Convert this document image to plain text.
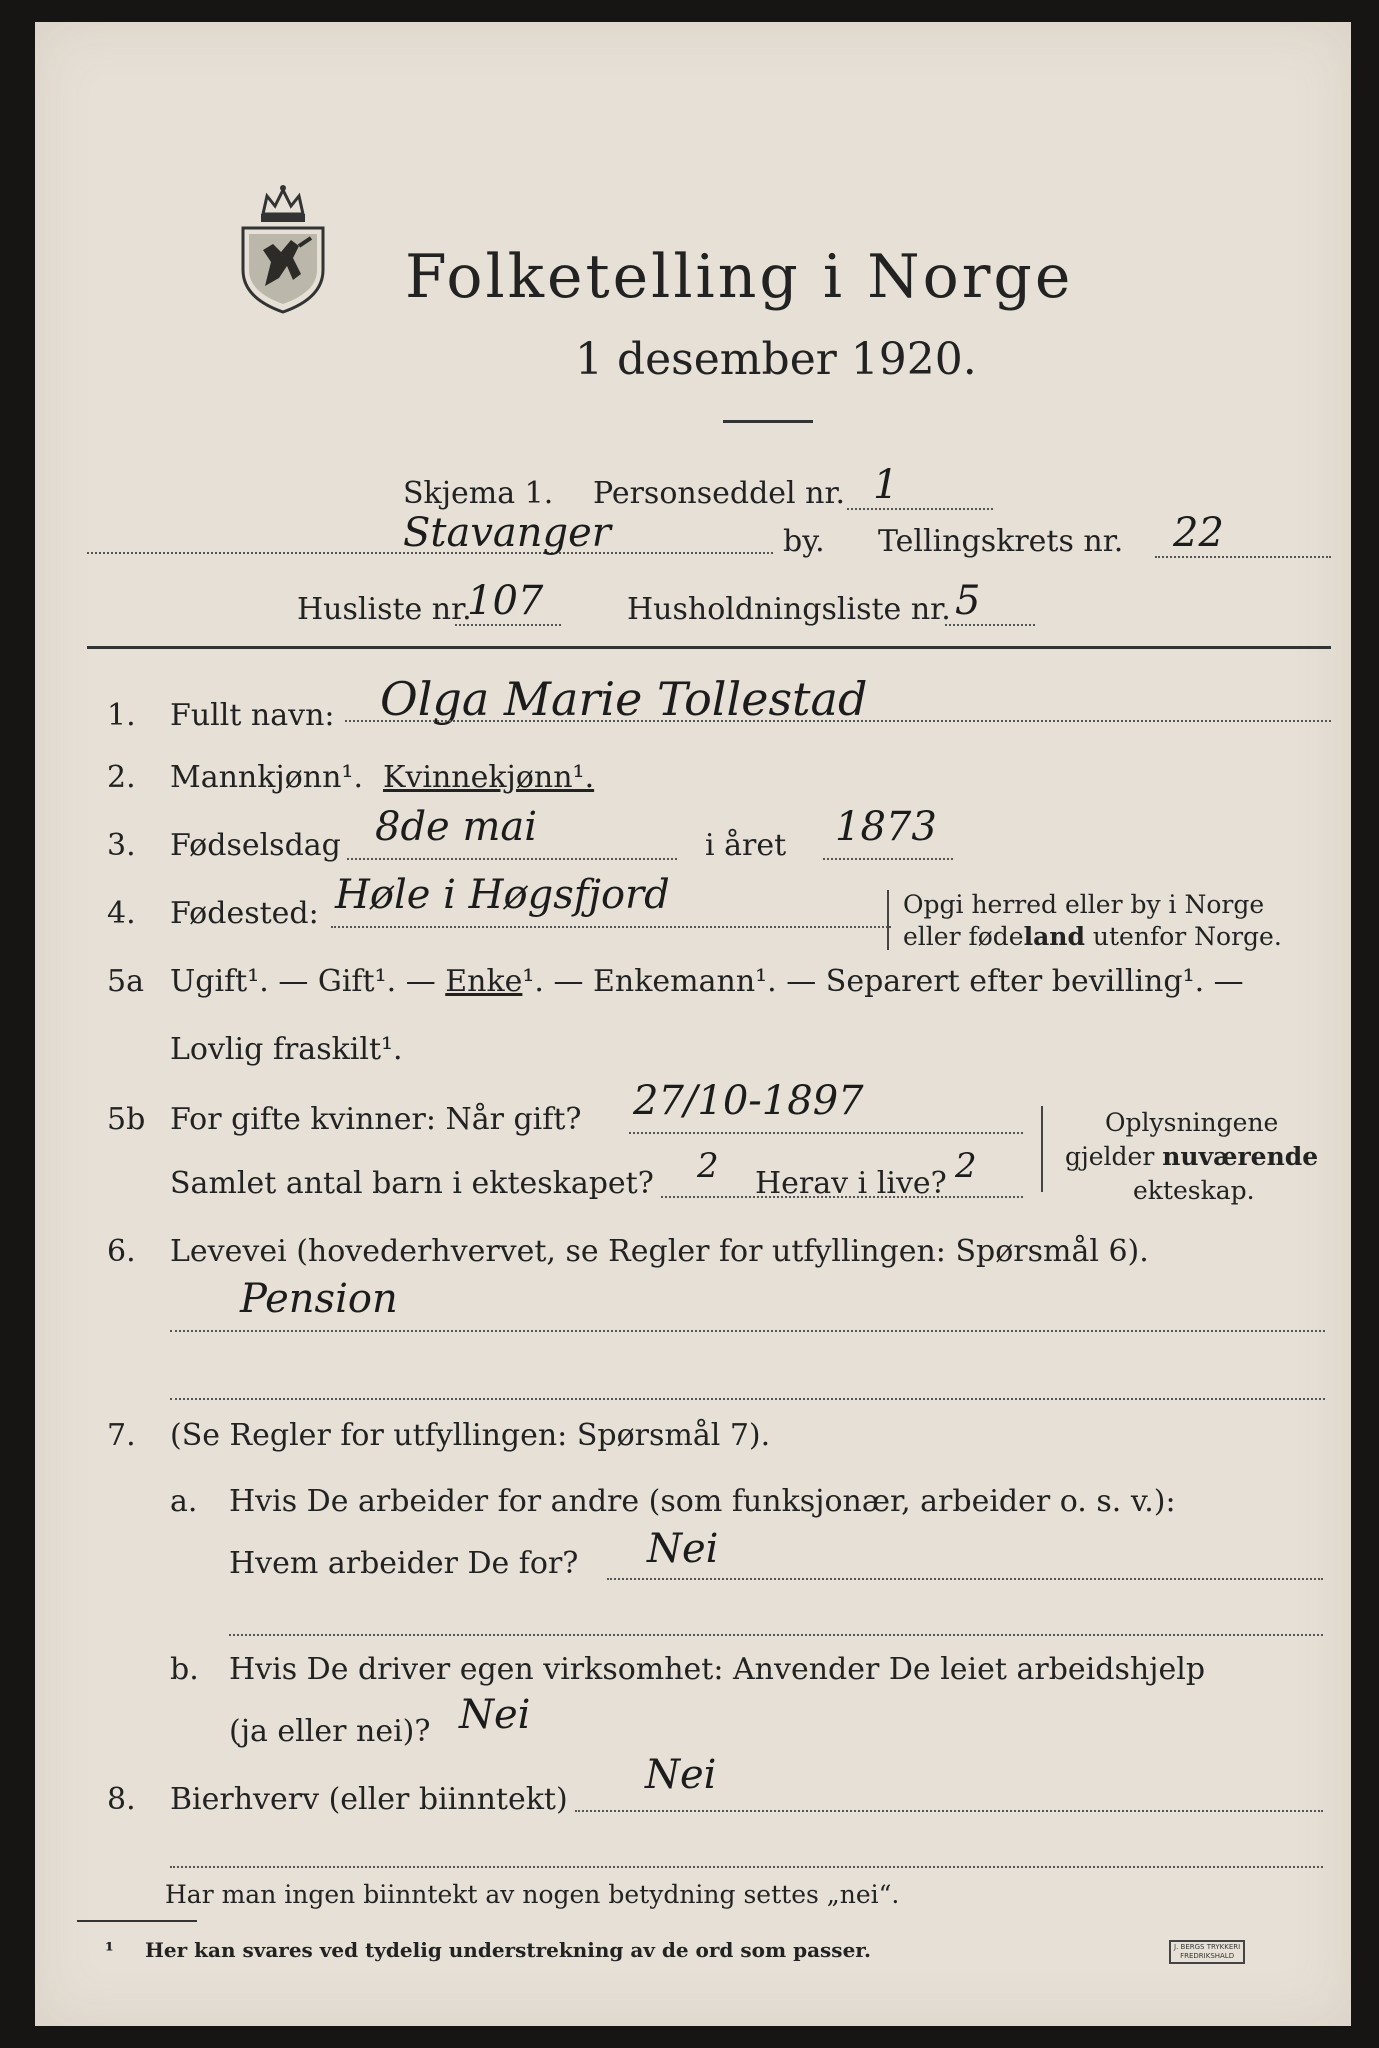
Folketelling i Norge
1 desember 1920.
Skjema 1. Personseddel nr. 1
Stavanger	by. Tellingskrets nr. 22
Husliste nr.
107	Husholdningsliste nr. 5
1. Fullt navn: Olga Marie Tollestad
2. Mannkjønn¹. Kvinnekjønn¹.
3. Fødselsdag 8de mai	i året 1873
4. Fødested: Høle i Høgsfjord	Opgi herred eller by i Norge
eller fødeland utenfor Norge.
5a Ugift¹. — Gift¹. — Enke¹. — Enkemann¹. — Separert efter bevilling¹. —
Lovlig fraskilt¹.
5b For gifte kvinner: Når gift? 27/10-1897
Samlet antal barn i ekteskapet? 2 Herav i live? 2
Oplysningene
gjelder nuværende
ekteskap.
6. Levevei (hovederhvervet, se Regler for utfyllingen: Spørsmål 6).
Pension
7. (Se Regler for utfyllingen: Spørsmål 7).
a. Hvis De arbeider for andre (som funksjonær, arbeider o. s. v.):
Hvem arbeider De for? Nei
b. Hvis De driver egen virksomhet: Anvender De leiet arbeidshjelp
(ja eller nei)? Nei
8. Bierhverv (eller biinntekt)
Nei
Har man ingen biinntekt av nogen betydning settes „nei“.
¹ Her kan svares ved tydelig understrekning av de ord som passer.	J. BERGS TRYKKERI
FREDRIKSHALD
